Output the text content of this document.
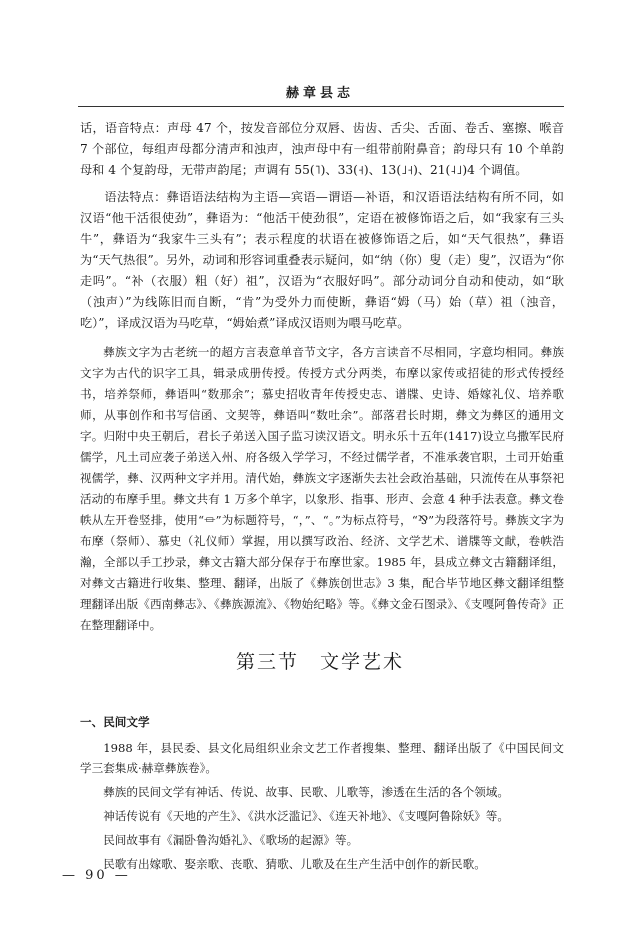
赫章县志

话，语音特点：声母 47 个，按发音部位分双唇、齿齿、舌尖、舌面、卷舌、塞擦、喉音 7 个部位，每组声母都分清声和浊声，浊声母中有一组带前附鼻音；韵母只有 10 个单韵母和 4 个复韵母，无带声韵尾；声调有 55(˥)、33(˧)、13(˩˧)、21(˨˩)4 个调值。

语法特点：彝语语法结构为主语—宾语—谓语—补语，和汉语语法结构有所不同，如汉语“他干活很使劲”，彝语为：“他活干使劲很”，定语在被修饰语之后，如“我家有三头牛”，彝语为“我家牛三头有”；表示程度的状语在被修饰语之后，如“天气很热”，彝语为“天气热很”。另外，动词和形容词重叠表示疑问，如“纳（你）叟（走）叟”，汉语为“你走吗”。“补（衣服）粗（好）祖”，汉语为“衣服好吗”。部分动词分自动和使动，如“耿（浊声）”为线陈旧而自断，“肯”为受外力而使断，彝语“姆（马）始（草）祖（浊音，吃）”，译成汉语为马吃草，“姆始煮”译成汉语则为喂马吃草。

彝族文字为古老统一的超方言表意单音节文字，各方言读音不尽相同，字意均相同。彝族文字为古代的识字工具，辑录成册传授。传授方式分两类，布摩以家传或招徒的形式传授经书，培养祭师，彝语叫“数那余”；慕史招收青年传授史志、谱牒、史诗、婚嫁礼仪、培养歌师，从事创作和书写信函、文契等，彝语叫“数吐余”。部落君长时期，彝文为彝区的通用文字。归附中央王朝后，君长子弟送入国子监习读汉语文。明永乐十五年(1417)设立乌撒军民府儒学，凡土司应袭子弟送入州、府各级入学学习，不经过儒学者，不准承袭官职，土司开始重视儒学，彝、汉两种文字并用。清代始，彝族文字逐渐失去社会政治基础，只流传在从事祭祀活动的布摩手里。彝文共有 1 万多个单字，以象形、指事、形声、会意 4 种手法表意。彝文卷帙从左开卷竖排，使用“⏛”为标题符号，“，”、“。”为标点符号，“⅋”为段落符号。彝族文字为布摩（祭师）、慕史（礼仪师）掌握，用以撰写政治、经济、文学艺术、谱牒等文献，卷帙浩瀚，全部以手工抄录，彝文古籍大部分保存于布摩世家。1985 年，县成立彝文古籍翻译组，对彝文古籍进行收集、整理、翻译，出版了《彝族创世志》3 集，配合毕节地区彝文翻译组整理翻译出版《西南彝志》、《彝族源流》、《物始纪略》等。《彝文金石图录》、《支嘎阿鲁传奇》正在整理翻译中。

第三节　文学艺术

一、民间文学

1988 年，县民委、县文化局组织业余文艺工作者搜集、整理、翻译出版了《中国民间文学三套集成·赫章彝族卷》。

彝族的民间文学有神话、传说、故事、民歌、儿歌等，渗透在生活的各个领域。

神话传说有《天地的产生》、《洪水泛滥记》、《连天补地》、《支嘎阿鲁除妖》等。

民间故事有《漏卧鲁沟婚礼》、《歌场的起源》等。

民歌有出嫁歌、娶亲歌、丧歌、猜歌、儿歌及在生产生活中创作的新民歌。

— 90 —
